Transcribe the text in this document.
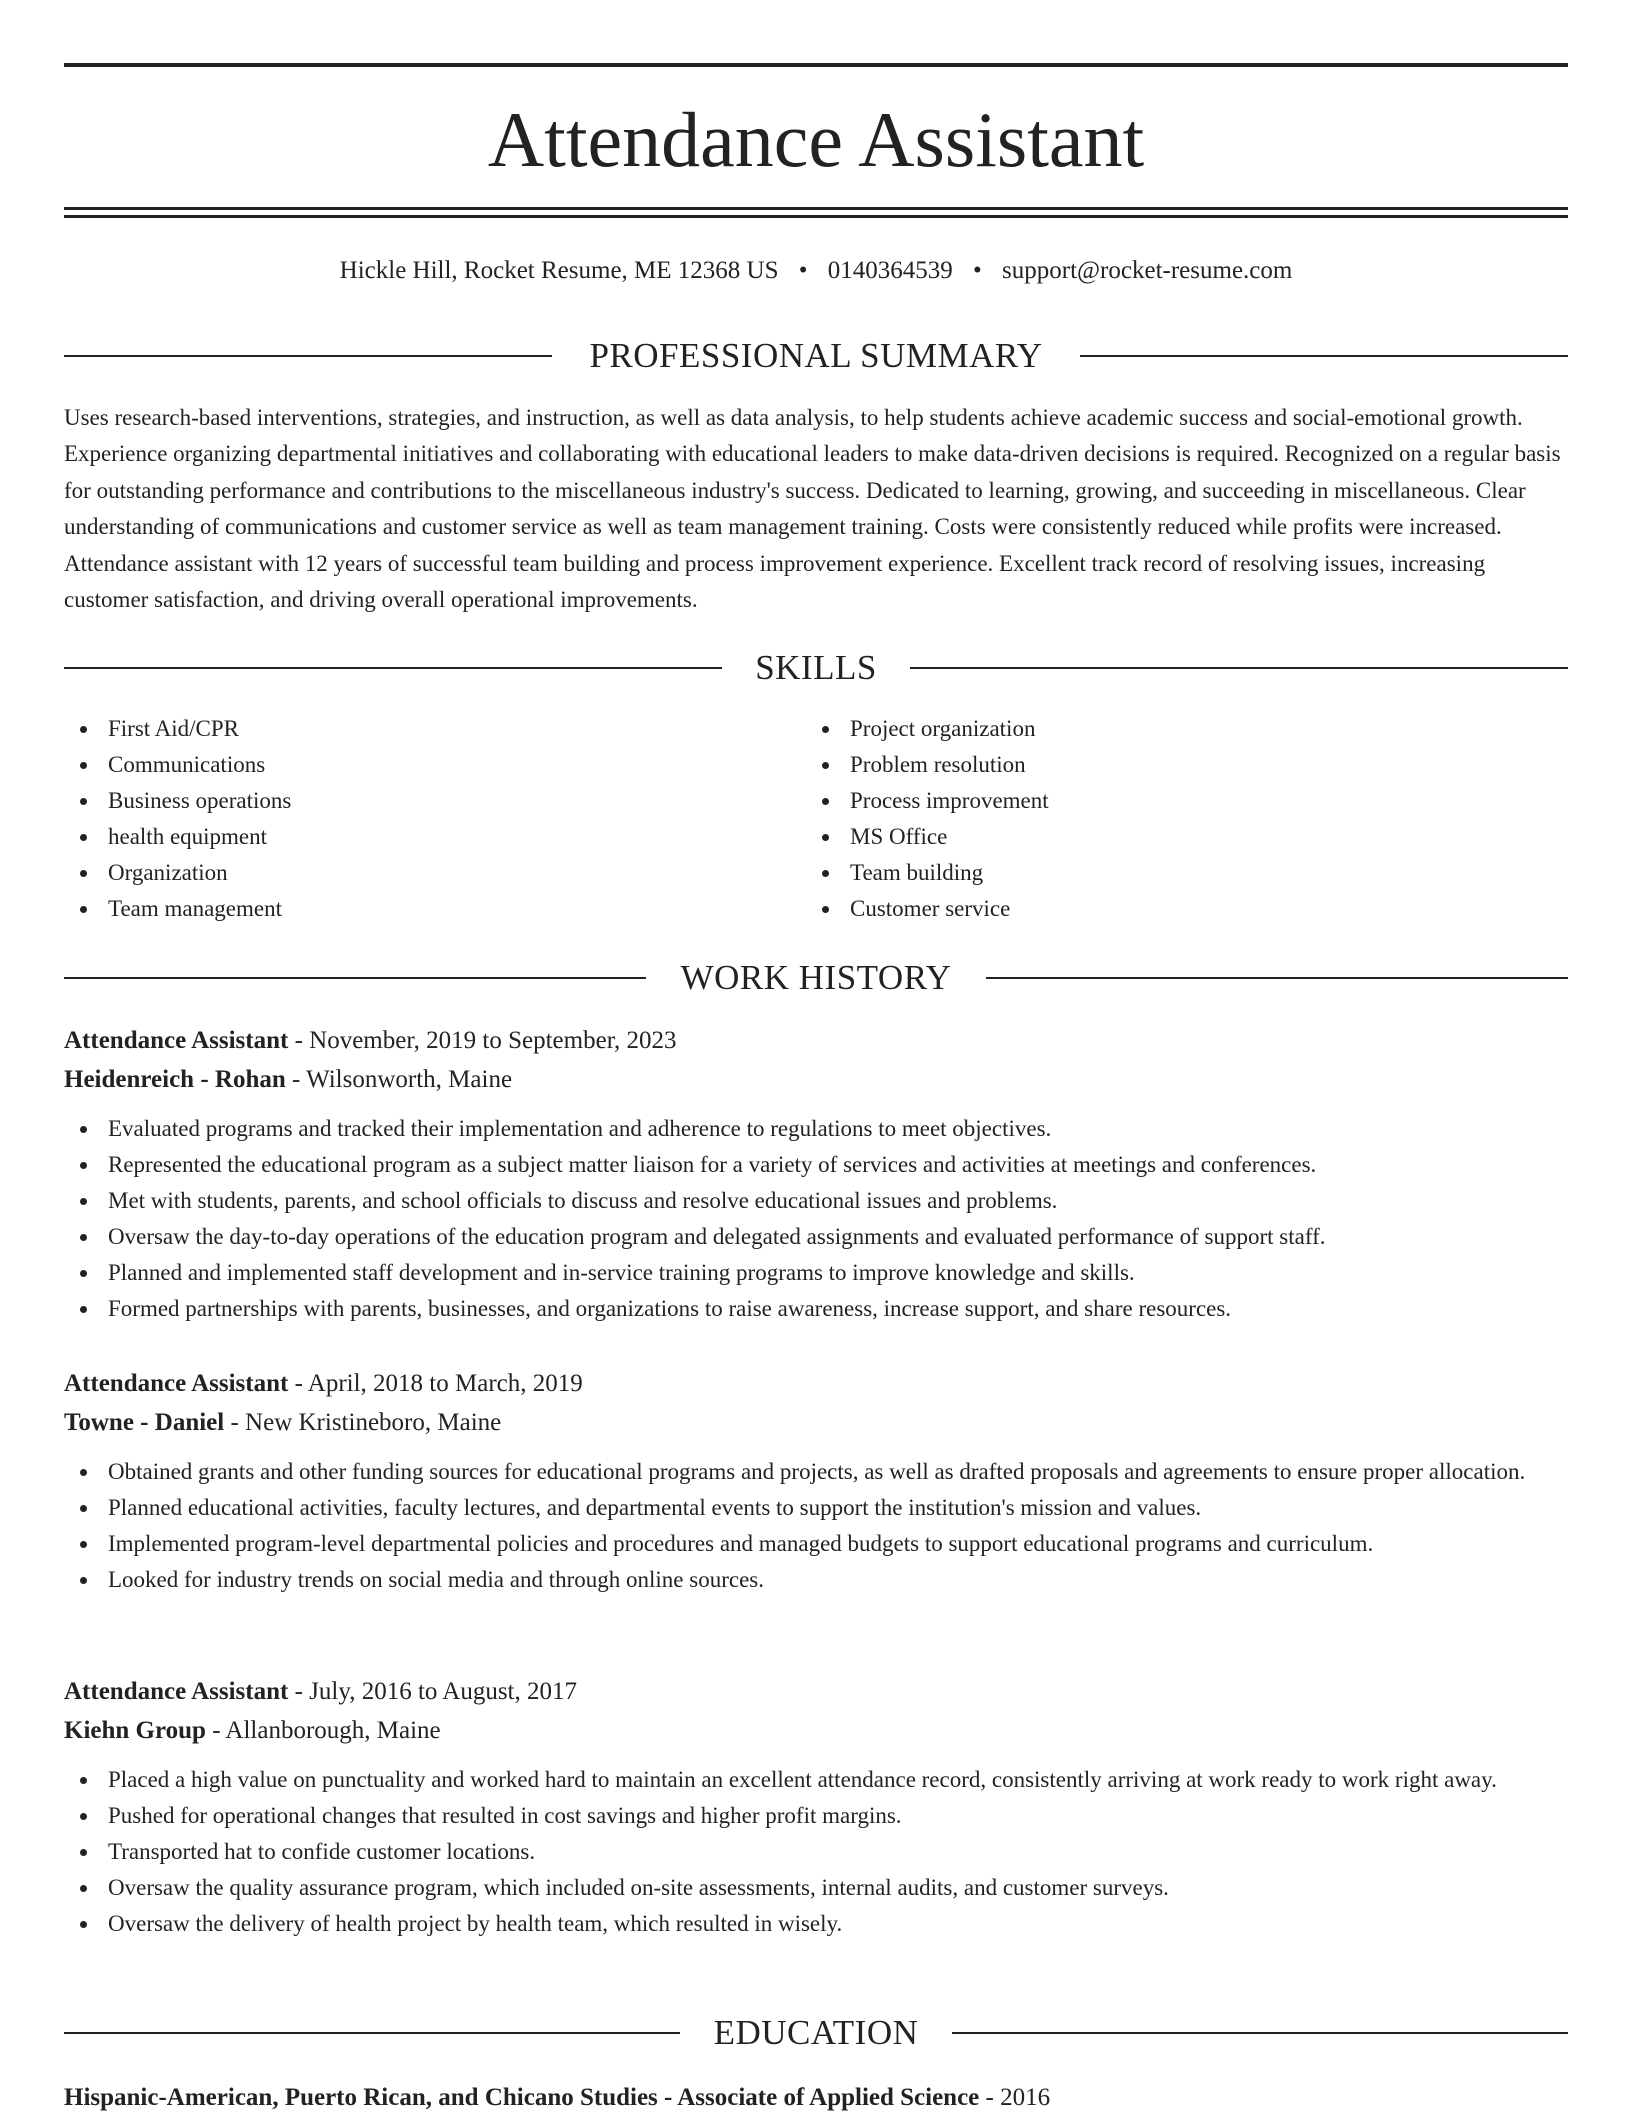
Attendance Assistant
Hickle Hill, Rocket Resume, ME 12368 US • 0140364539 • support@rocket-resume.com
PROFESSIONAL SUMMARY

Uses research-based interventions, strategies, and instruction, as well as data analysis, to help students achieve academic success and social-emotional growth. Experience organizing departmental initiatives and collaborating with educational leaders to make data-driven decisions is required. Recognized on a regular basis for outstanding performance and contributions to the miscellaneous industry's success. Dedicated to learning, growing, and succeeding in miscellaneous. Clear understanding of communications and customer service as well as team management training. Costs were consistently reduced while profits were increased. Attendance assistant with 12 years of successful team building and process improvement experience. Excellent track record of resolving issues, increasing customer satisfaction, and driving overall operational improvements.

SKILLS
First Aid/CPR
Communications
Business operations
health equipment
Organization
Team management
Project organization
Problem resolution
Process improvement
MS Office
Team building
Customer service
WORK HISTORY
Attendance Assistant - November, 2019 to September, 2023
Heidenreich - Rohan - Wilsonworth, Maine
Evaluated programs and tracked their implementation and adherence to regulations to meet objectives.
Represented the educational program as a subject matter liaison for a variety of services and activities at meetings and conferences.
Met with students, parents, and school officials to discuss and resolve educational issues and problems.
Oversaw the day-to-day operations of the education program and delegated assignments and evaluated performance of support staff.
Planned and implemented staff development and in-service training programs to improve knowledge and skills.
Formed partnerships with parents, businesses, and organizations to raise awareness, increase support, and share resources.
Attendance Assistant - April, 2018 to March, 2019
Towne - Daniel - New Kristineboro, Maine
Obtained grants and other funding sources for educational programs and projects, as well as drafted proposals and agreements to ensure proper allocation.
Planned educational activities, faculty lectures, and departmental events to support the institution's mission and values.
Implemented program-level departmental policies and procedures and managed budgets to support educational programs and curriculum.
Looked for industry trends on social media and through online sources.
Attendance Assistant - July, 2016 to August, 2017
Kiehn Group - Allanborough, Maine
Placed a high value on punctuality and worked hard to maintain an excellent attendance record, consistently arriving at work ready to work right away.
Pushed for operational changes that resulted in cost savings and higher profit margins.
Transported hat to confide customer locations.
Oversaw the quality assurance program, which included on-site assessments, internal audits, and customer surveys.
Oversaw the delivery of health project by health team, which resulted in wisely.
EDUCATION
Hispanic-American, Puerto Rican, and Chicano Studies - Associate of Applied Science - 2016
